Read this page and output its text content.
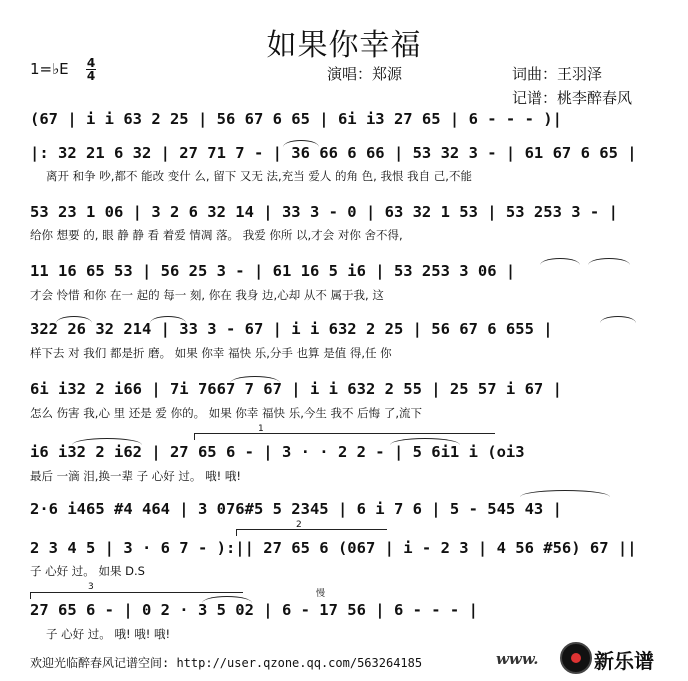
如果你幸福
1=♭E 4
4	演唱：郑源	词曲：王羽泽
记谱：桃李醉春风
(67 | i i 63 2 25 | 56 67 6 65 | 6i i3 27 65 | 6 - - - )|
|: 32 21 6 32 | 27 71 7 - | 36 66 6 66 | 53 32 3 - | 61 67 6 65 |
离开 和争 吵,都不 能改 变什 么, 留下 又无 法,充当 爱人 的角 色, 我恨 我自 己,不能
53 23 1 06 | 3 2 6 32 14 | 33 3 - 0 | 63 32 1 53 | 53 253 3 - |
给你 想要 的, 眼 静 静 看 着爱 情凋 落。 我爱 你所 以,才会 对你 舍不得,
11 16 65 53 | 56 25 3 - | 61 16 5 i6 | 53 253 3 06 |
才会 怜惜 和你 在一 起的 每一 刻, 你在 我身 边,心却 从不 属于我, 这
322 26 32 214 | 33 3 - 67 | i i 632 2 25 | 56 67 6 655 |
样下去 对 我们 都是折 磨。 如果 你幸 福快 乐,分手 也算 是值 得,任 你
6i i32 2 i66 | 7i 7667 7 67 | i i 632 2 55 | 25 57 i 67 |
怎么 伤害 我,心 里 还是 爱 你的。 如果 你幸 福快 乐,今生 我不 后悔 了,流下
i6 i32 2 i62 | 27 65 6 - | 3 · · 2 2 - | 5 6i1 i (oi3
最后 一滴 泪,换一辈 子 心好 过。 哦! 哦!
2·6 i465 #4 464 | 3 076#5 5 2345 | 6 i 7 6 | 5 - 545 43 |
2 3 4 5 | 3 · 6 7 - ):|| 27 65 6 (067 | i - 2 3 | 4 56 #56) 67 ||
子 心好 过。 如果 D.S
27 65 6 - | 0 2 · 3 5 02 | 6 - 17 56 | 6 - - - |
子 心好 过。 哦! 哦! 哦!
1
2
3
慢
欢迎光临醉春风记谱空间: http://user.qzone.qq.com/563264185	www.	新乐谱
